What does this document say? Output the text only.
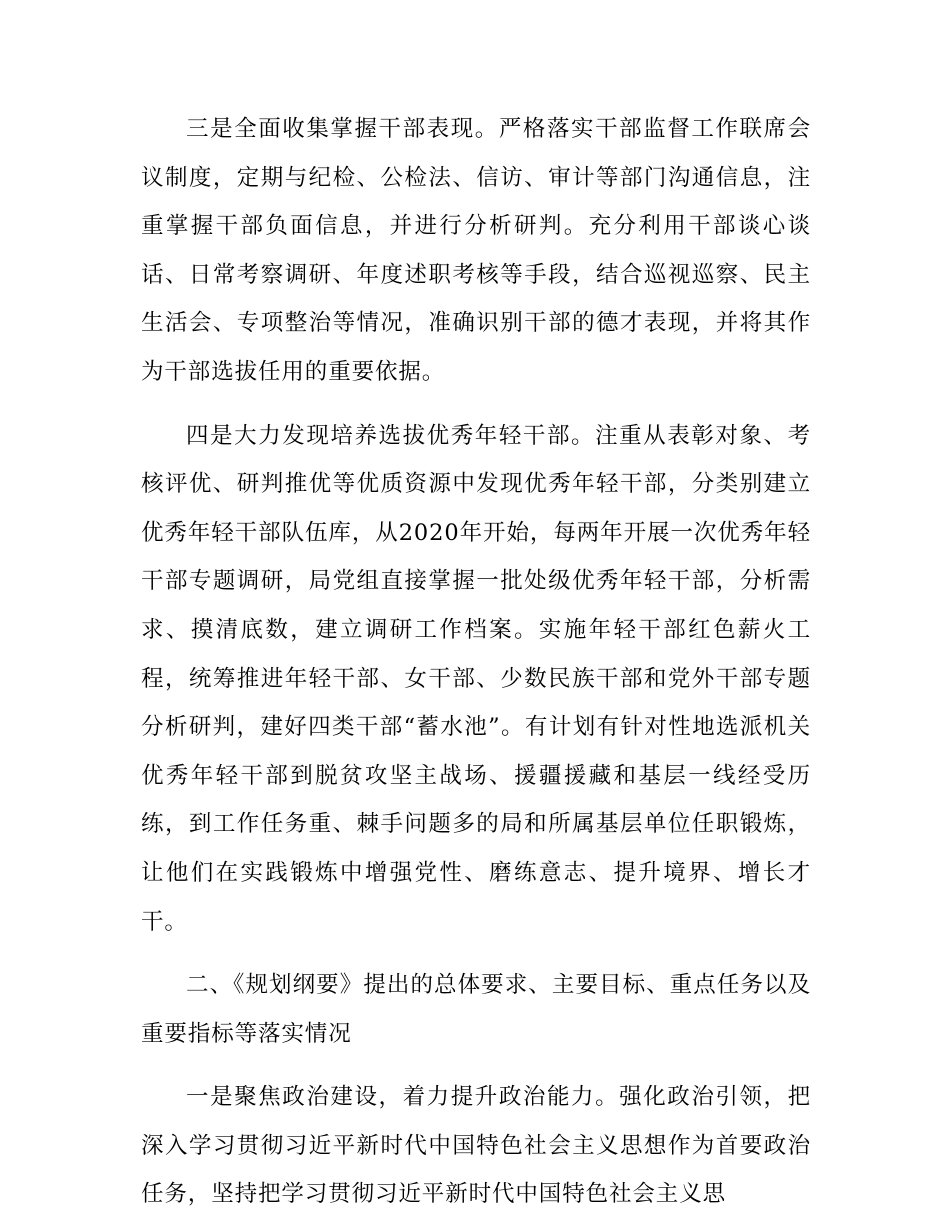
三是全面收集掌握干部表现。严格落实干部监督工作联席会议制度，定期与纪检、公检法、信访、审计等部门沟通信息，注重掌握干部负面信息，并进行分析研判。充分利用干部谈心谈话、日常考察调研、年度述职考核等手段，结合巡视巡察、民主生活会、专项整治等情况，准确识别干部的德才表现，并将其作为干部选拔任用的重要依据。

四是大力发现培养选拔优秀年轻干部。注重从表彰对象、考核评优、研判推优等优质资源中发现优秀年轻干部，分类别建立优秀年轻干部队伍库，从2020年开始，每两年开展一次优秀年轻干部专题调研，局党组直接掌握一批处级优秀年轻干部，分析需求、摸清底数，建立调研工作档案。实施年轻干部红色薪火工程，统筹推进年轻干部、女干部、少数民族干部和党外干部专题分析研判，建好四类干部“蓄水池”。有计划有针对性地选派机关优秀年轻干部到脱贫攻坚主战场、援疆援藏和基层一线经受历练，到工作任务重、棘手问题多的局和所属基层单位任职锻炼，让他们在实践锻炼中增强党性、磨练意志、提升境界、增长才干。

二、《规划纲要》提出的总体要求、主要目标、重点任务以及重要指标等落实情况

一是聚焦政治建设，着力提升政治能力。强化政治引领，把深入学习贯彻习近平新时代中国特色社会主义思想作为首要政治任务，坚持把学习贯彻习近平新时代中国特色社会主义思
